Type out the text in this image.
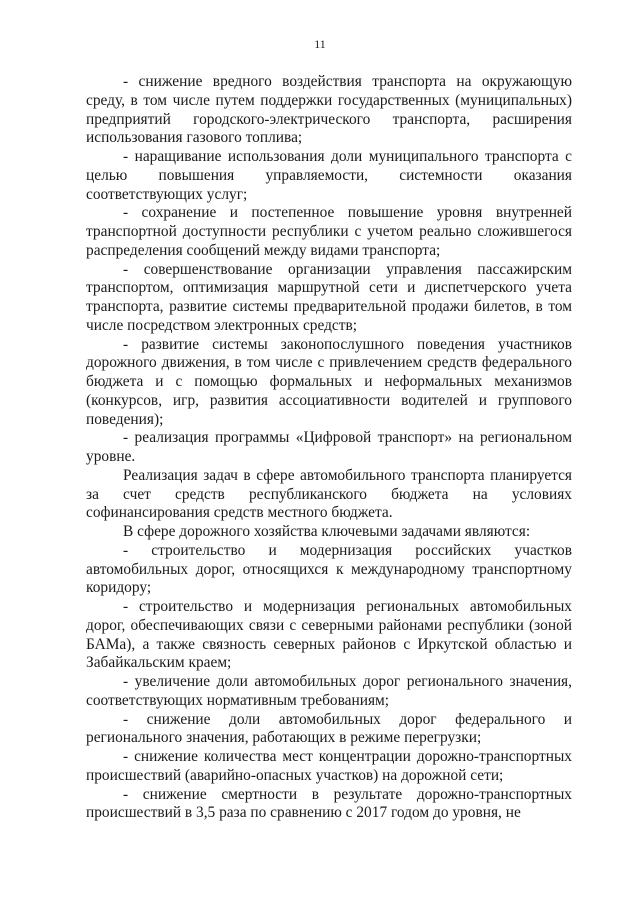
11

- снижение вредного воздействия транспорта на окружающую среду, в том числе путем поддержки государственных (муниципальных) предприятий городского-электрического транспорта, расширения использования газового топлива;

- наращивание использования доли муниципального транспорта с целью повышения управляемости, системности оказания соответствующих услуг;

- сохранение и постепенное повышение уровня внутренней транспортной доступности республики с учетом реально сложившегося распределения сообщений между видами транспорта;

- совершенствование организации управления пассажирским транспортом, оптимизация маршрутной сети и диспетчерского учета транспорта, развитие системы предварительной продажи билетов, в том числе посредством электронных средств;

- развитие системы законопослушного поведения участников дорожного движения, в том числе с привлечением средств федерального бюджета и с помощью формальных и неформальных механизмов (конкурсов, игр, развития ассоциативности водителей и группового поведения);

- реализация программы «Цифровой транспорт» на региональном уровне.

Реализация задач в сфере автомобильного транспорта планируется за счет средств республиканского бюджета на условиях софинансирования средств местного бюджета.

В сфере дорожного хозяйства ключевыми задачами являются:

- строительство и модернизация российских участков автомобильных дорог, относящихся к международному транспортному коридору;

- строительство и модернизация региональных автомобильных дорог, обеспечивающих связи с северными районами республики (зоной БАМа), а также связность северных районов с Иркутской областью и Забайкальским краем;

- увеличение доли автомобильных дорог регионального значения, соответствующих нормативным требованиям;

- снижение доли автомобильных дорог федерального и регионального значения, работающих в режиме перегрузки;

- снижение количества мест концентрации дорожно-транспортных происшествий (аварийно-опасных участков) на дорожной сети;

- снижение смертности в результате дорожно-транспортных происшествий в 3,5 раза по сравнению с 2017 годом до уровня, не
